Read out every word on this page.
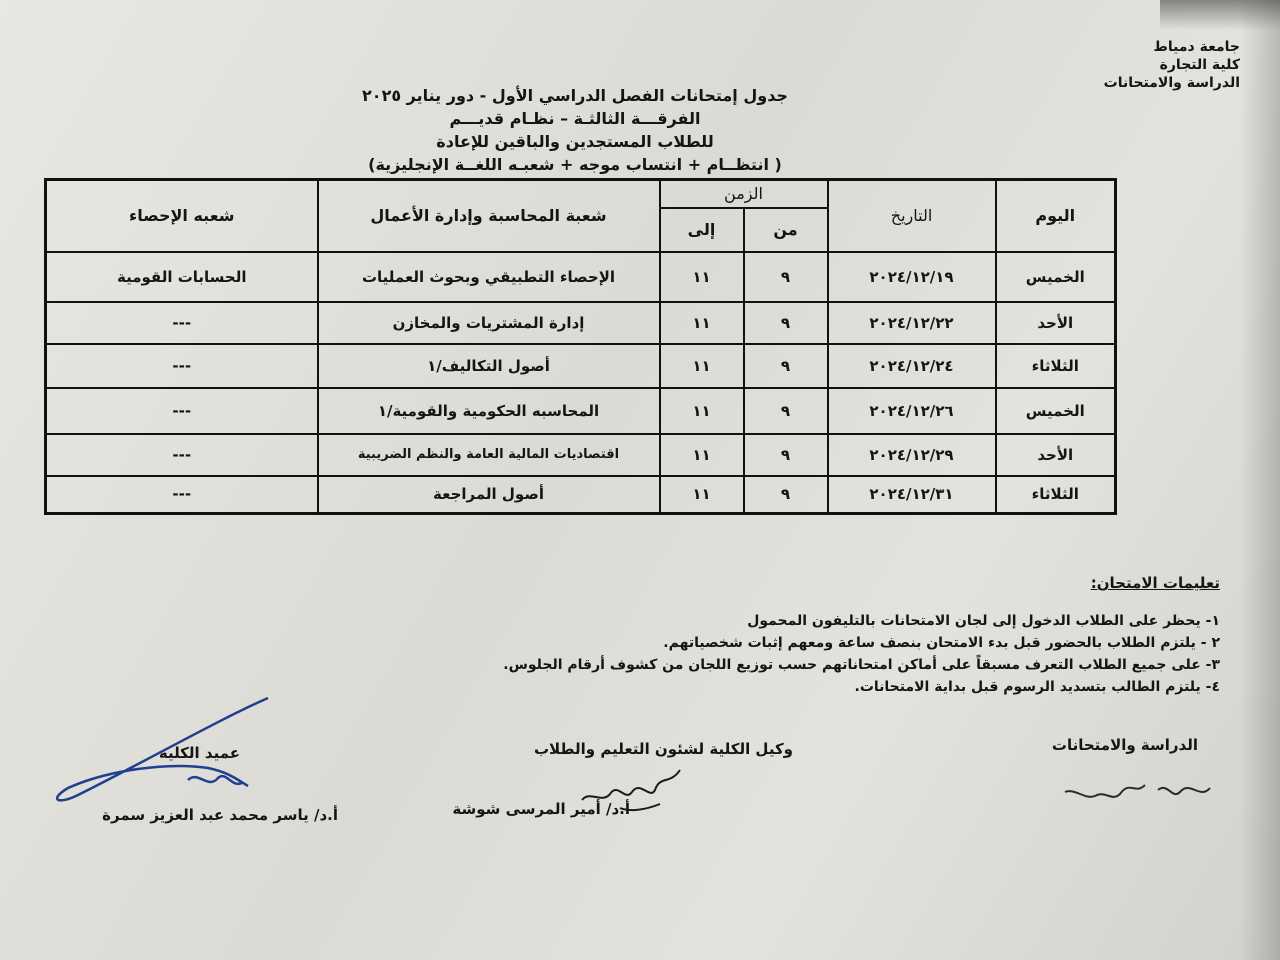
جامعة دمياط
كلية التجارة
الدراسة والامتحانات
جدول إمتحانات الفصل الدراسي الأول - دور يناير ٢٠٢٥
الفرقـــة الثالثـة – نظـام قديـــم
للطلاب المستجدين والباقين للإعادة
( انتظــام + انتساب موجه + شعبـه اللغــة الإنجليزية)
اليوم	التاريخ	الزمن		شعبة المحاسبة وإدارة الأعمال	شعبه الإحصاء
		من	إلى		
الخميس	٢٠٢٤/١٢/١٩	٩	١١	الإحصاء التطبيقي وبحوث العمليات	الحسابات القومية
الأحد	٢٠٢٤/١٢/٢٢	٩	١١	إدارة المشتريات والمخازن	---
الثلاثاء	٢٠٢٤/١٢/٢٤	٩	١١	أصول التكاليف/١	---
الخميس	٢٠٢٤/١٢/٢٦	٩	١١	المحاسبه الحكومية والقومية/١	---
الأحد	٢٠٢٤/١٢/٢٩	٩	١١	اقتصاديات المالية العامة والنظم الضريبية	---
الثلاثاء	٢٠٢٤/١٢/٣١	٩	١١	أصول المراجعة	---
تعليمات الامتحان:
١- يحظر على الطلاب الدخول إلى لجان الامتحانات بالتليفون المحمول
٢ - يلتزم الطلاب بالحضور قبل بدء الامتحان بنصف ساعة ومعهم إثبات شخصياتهم.
٣- على جميع الطلاب التعرف مسبقاً على أماكن امتحاناتهم حسب توزيع اللجان من كشوف أرقام الجلوس.
٤- يلتزم الطالب بتسديد الرسوم قبل بداية الامتحانات.
الدراسة والامتحانات
وكيل الكلية لشئون التعليم والطلاب
أ.د/ أمير المرسى شوشة
عميد الكلية
أ.د/ ياسر محمد عبد العزيز سمرة
